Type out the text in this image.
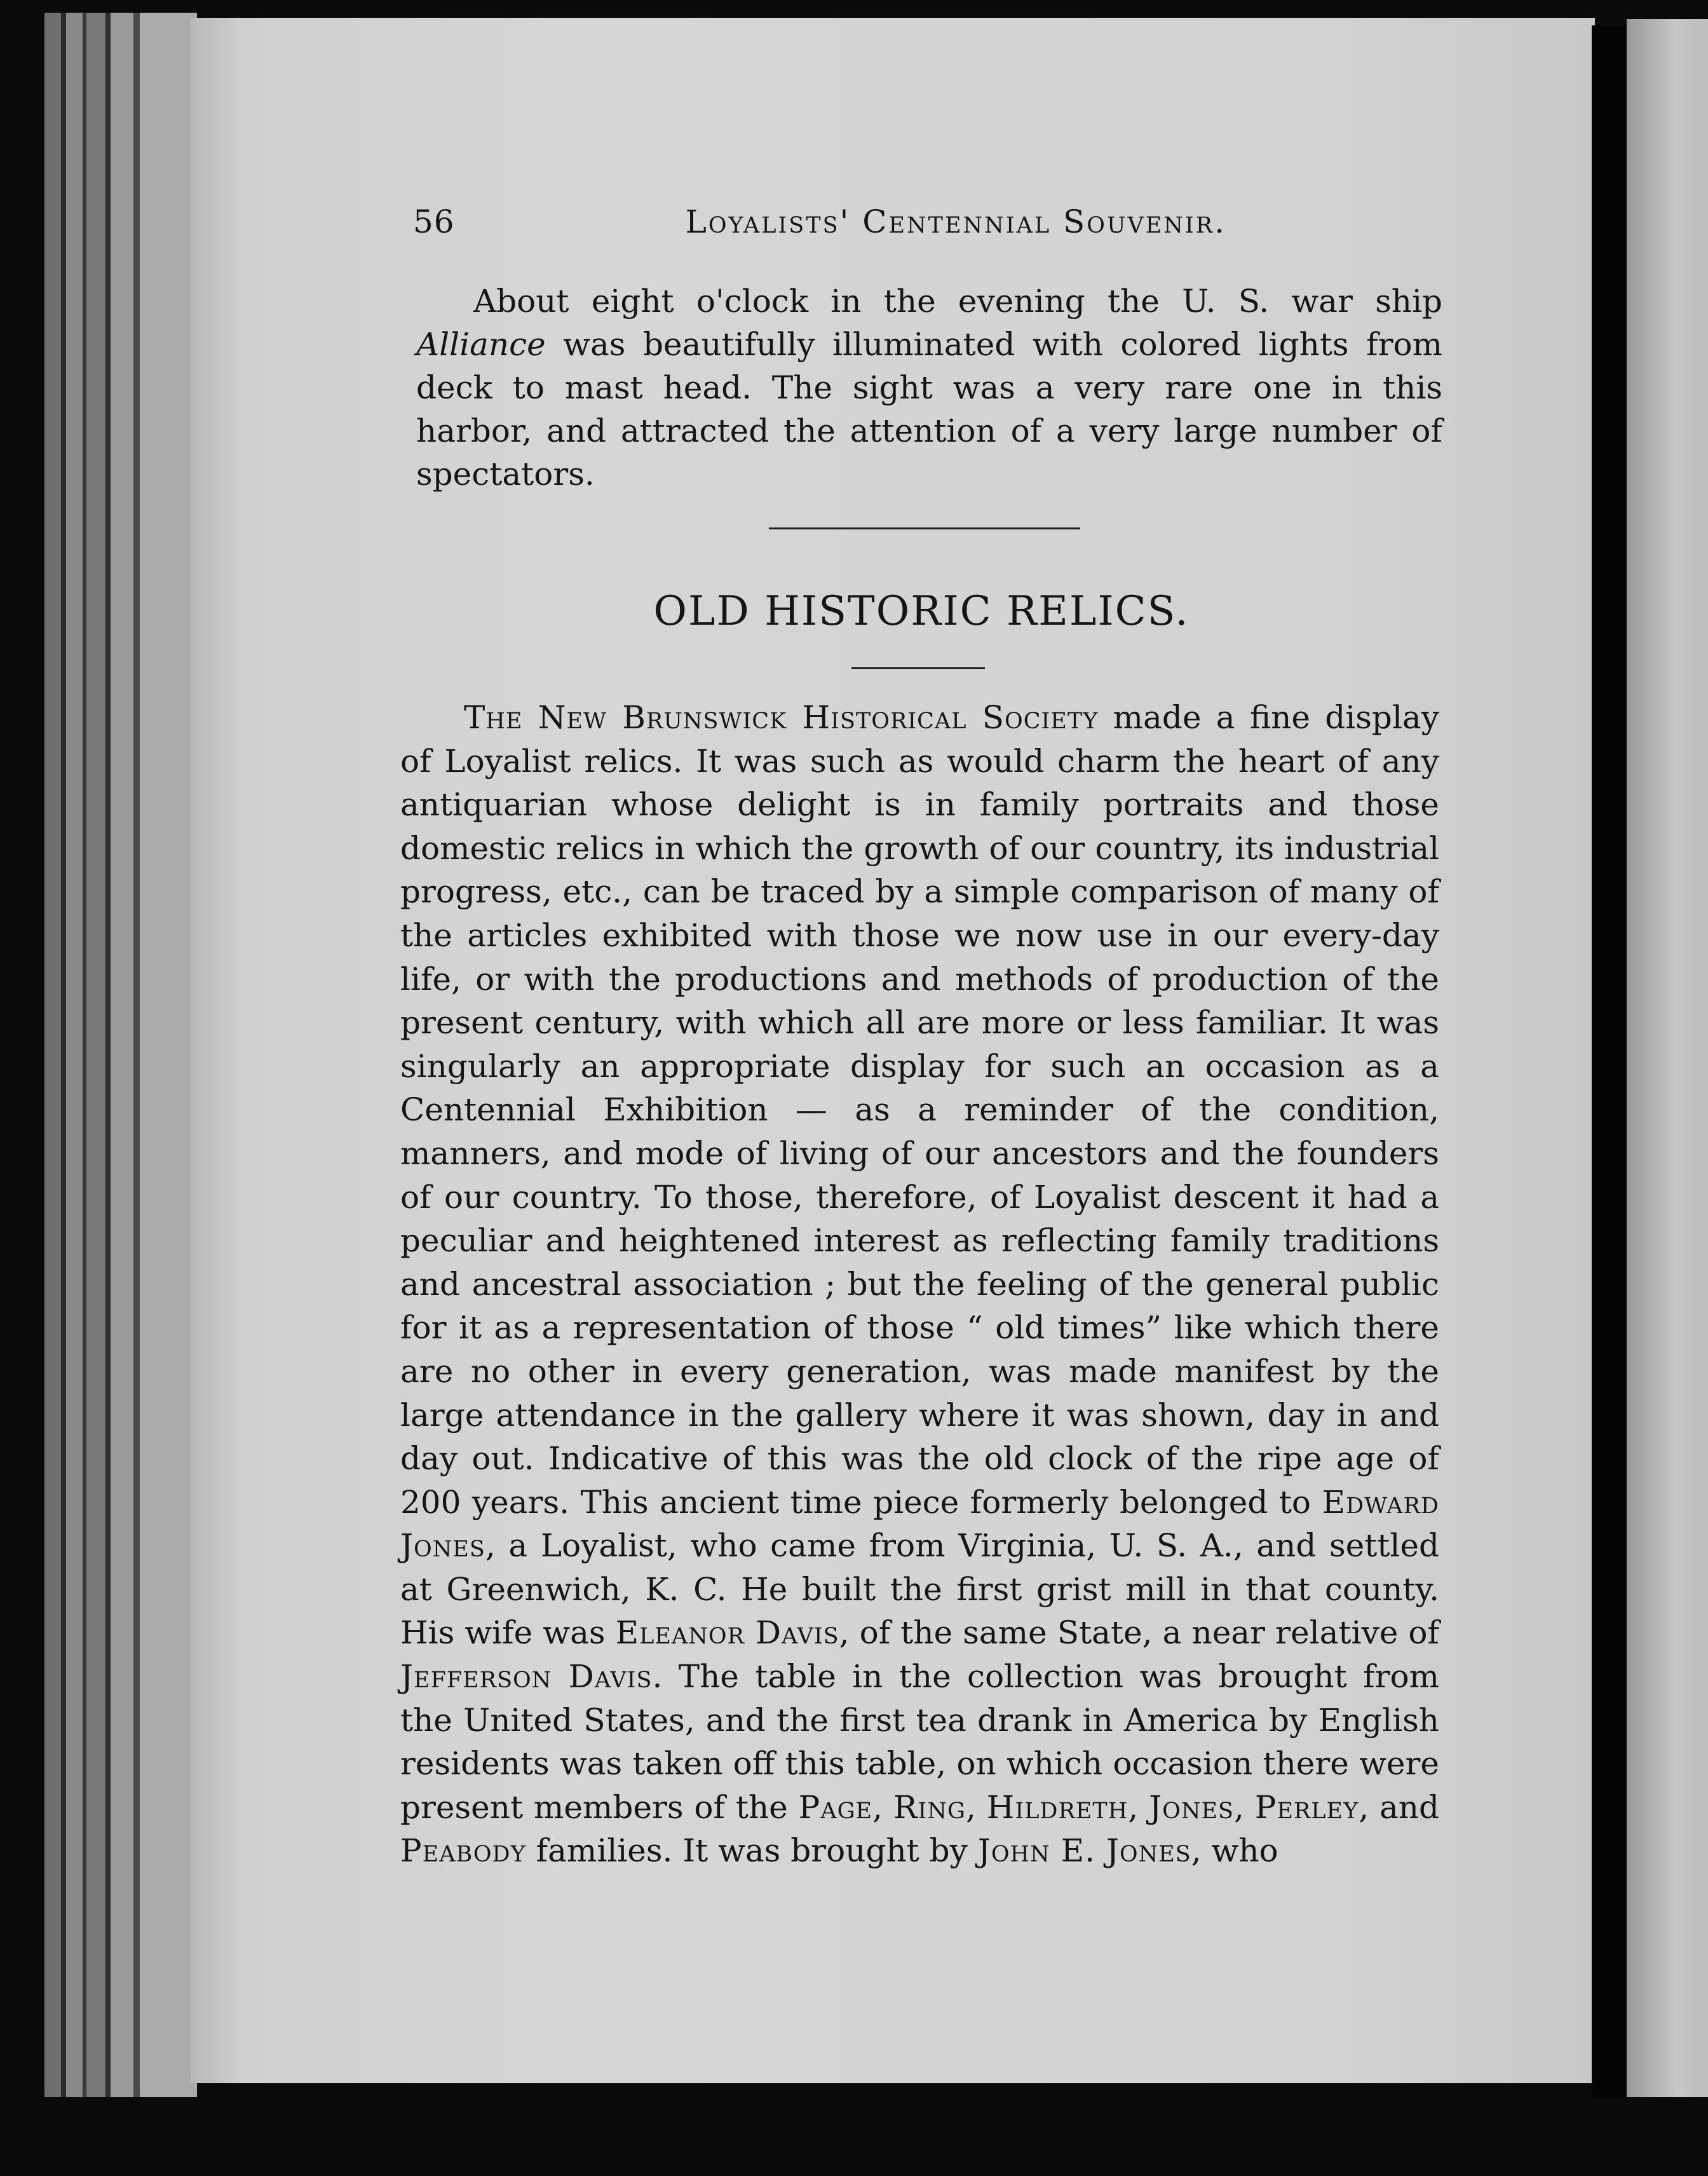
56	Loyalists' Centennial Souvenir.

About eight o'clock in the evening the U. S. war ship Alliance was beautifully illuminated with colored lights from deck to mast head. The sight was a very rare one in this harbor, and attracted the attention of a very large number of spectators.

OLD HISTORIC RELICS.

The New Brunswick Historical Society made a fine display of Loyalist relics. It was such as would charm the heart of any antiquarian whose delight is in family portraits and those domestic relics in which the growth of our country, its industrial progress, etc., can be traced by a simple comparison of many of the articles exhibited with those we now use in our every-day life, or with the productions and methods of production of the present century, with which all are more or less familiar. It was singularly an appropriate display for such an occasion as a Centennial Exhibition — as a reminder of the condition, manners, and mode of living of our ancestors and the founders of our country. To those, therefore, of Loyalist descent it had a peculiar and heightened interest as reflecting family traditions and ancestral association ; but the feeling of the general public for it as a representation of those “ old times” like which there are no other in every generation, was made manifest by the large attendance in the gallery where it was shown, day in and day out. Indicative of this was the old clock of the ripe age of 200 years. This ancient time piece formerly belonged to Edward Jones, a Loyalist, who came from Virginia, U. S. A., and settled at Greenwich, K. C. He built the first grist mill in that county. His wife was Eleanor Davis, of the same State, a near relative of Jefferson Davis. The table in the collection was brought from the United States, and the first tea drank in America by English residents was taken off this table, on which occasion there were present members of the Page, Ring, Hildreth, Jones, Perley, and Peabody families. It was brought by John E. Jones, who
